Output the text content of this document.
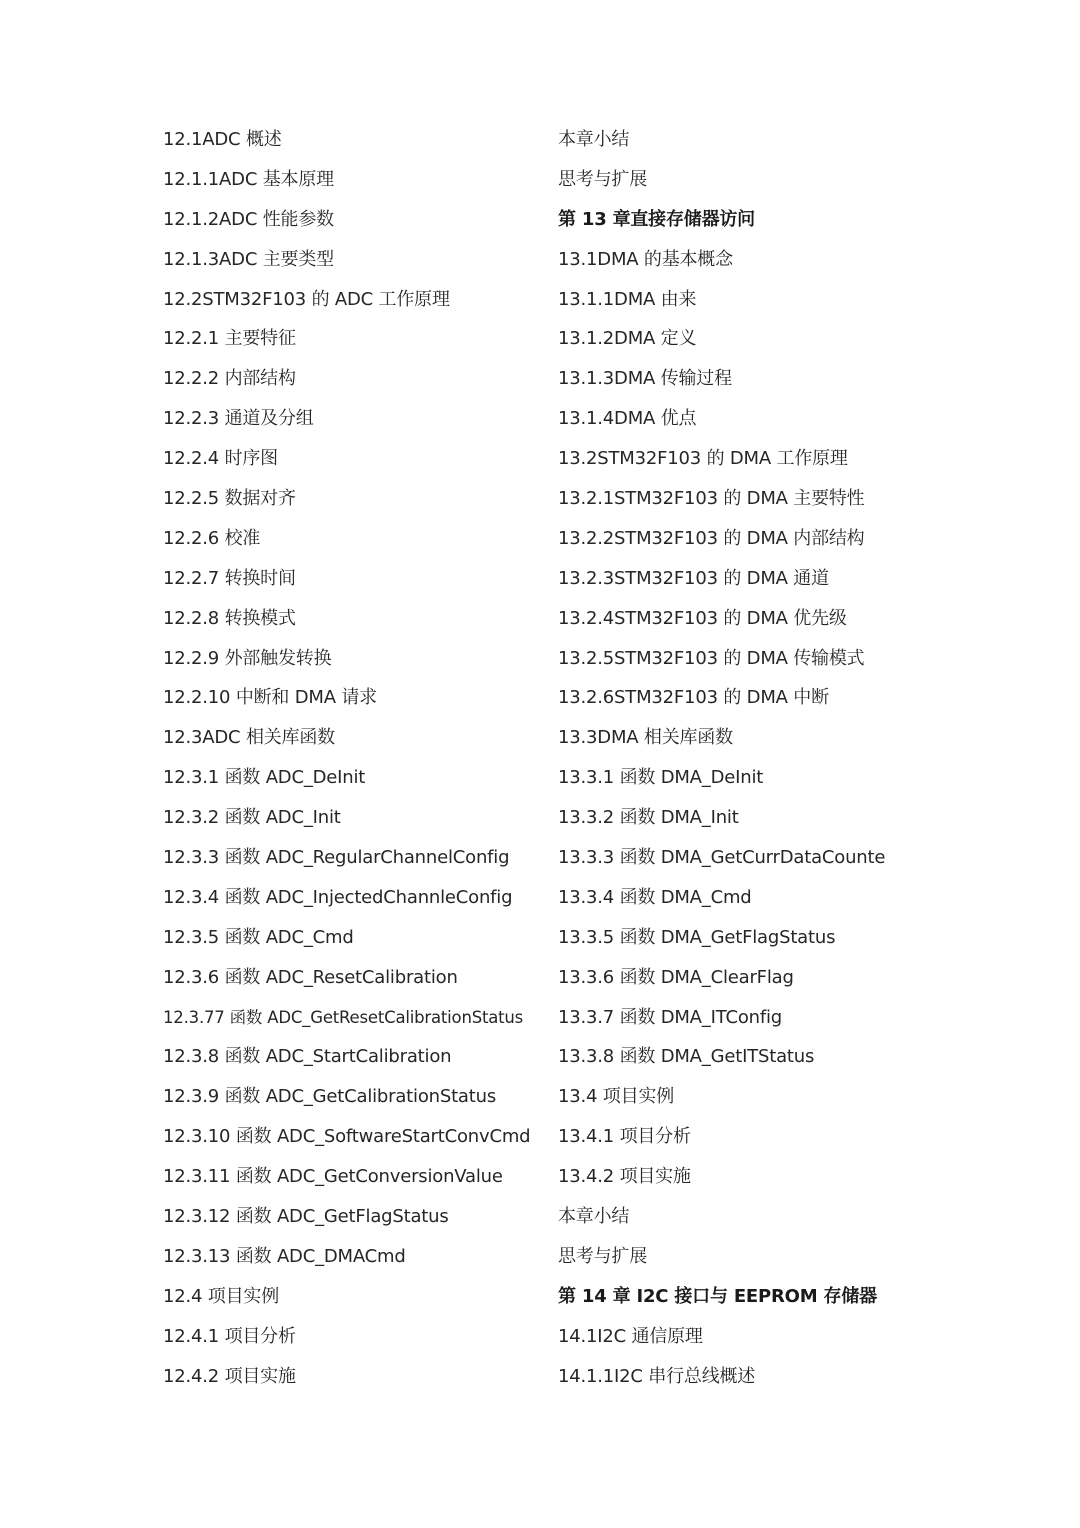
12.1ADC 概述
12.1.1ADC 基本原理
12.1.2ADC 性能参数
12.1.3ADC 主要类型
12.2STM32F103 的 ADC 工作原理
12.2.1 主要特征
12.2.2 内部结构
12.2.3 通道及分组
12.2.4 时序图
12.2.5 数据对齐
12.2.6 校准
12.2.7 转换时间
12.2.8 转换模式
12.2.9 外部触发转换
12.2.10 中断和 DMA 请求
12.3ADC 相关库函数
12.3.1 函数 ADC_DeInit
12.3.2 函数 ADC_Init
12.3.3 函数 ADC_RegularChannelConfig
12.3.4 函数 ADC_InjectedChannleConfig
12.3.5 函数 ADC_Cmd
12.3.6 函数 ADC_ResetCalibration
12.3.77 函数 ADC_GetResetCalibrationStatus
12.3.8 函数 ADC_StartCalibration
12.3.9 函数 ADC_GetCalibrationStatus
12.3.10 函数 ADC_SoftwareStartConvCmd
12.3.11 函数 ADC_GetConversionValue
12.3.12 函数 ADC_GetFlagStatus
12.3.13 函数 ADC_DMACmd
12.4 项目实例
12.4.1 项目分析
12.4.2 项目实施
本章小结
思考与扩展
第 13 章直接存储器访问
13.1DMA 的基本概念
13.1.1DMA 由来
13.1.2DMA 定义
13.1.3DMA 传输过程
13.1.4DMA 优点
13.2STM32F103 的 DMA 工作原理
13.2.1STM32F103 的 DMA 主要特性
13.2.2STM32F103 的 DMA 内部结构
13.2.3STM32F103 的 DMA 通道
13.2.4STM32F103 的 DMA 优先级
13.2.5STM32F103 的 DMA 传输模式
13.2.6STM32F103 的 DMA 中断
13.3DMA 相关库函数
13.3.1 函数 DMA_DeInit
13.3.2 函数 DMA_Init
13.3.3 函数 DMA_GetCurrDataCounte
13.3.4 函数 DMA_Cmd
13.3.5 函数 DMA_GetFlagStatus
13.3.6 函数 DMA_ClearFlag
13.3.7 函数 DMA_ITConfig
13.3.8 函数 DMA_GetITStatus
13.4 项目实例
13.4.1 项目分析
13.4.2 项目实施
本章小结
思考与扩展
第 14 章 I2C 接口与 EEPROM 存储器
14.1I2C 通信原理
14.1.1I2C 串行总线概述
